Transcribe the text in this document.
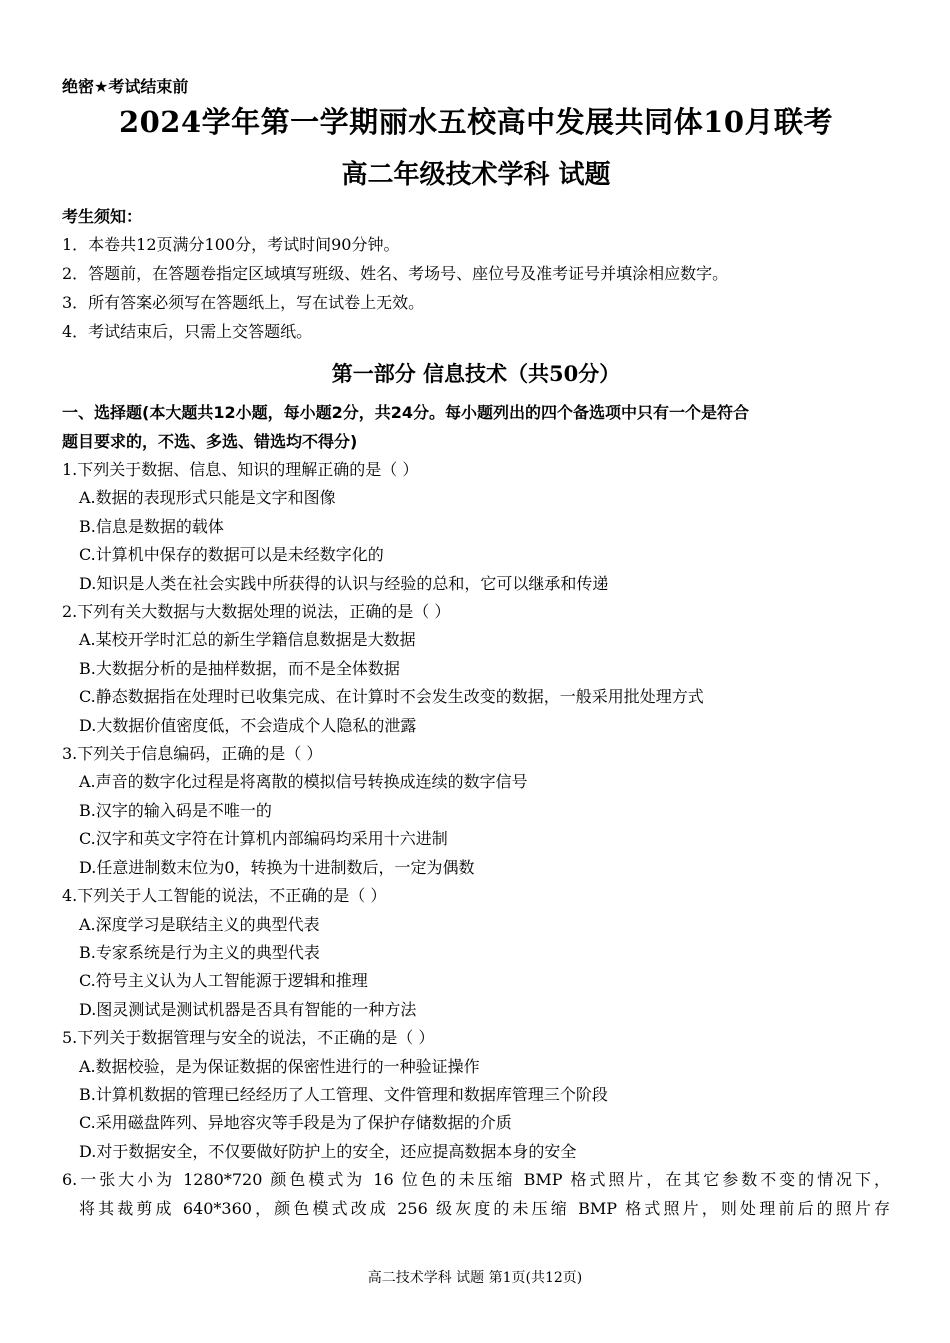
绝密★考试结束前

2024学年第一学期丽水五校高中发展共同体10月联考
高二年级技术学科 试题

考生须知：

1．本卷共12页满分100分，考试时间90分钟。

2．答题前，在答题卷指定区域填写班级、姓名、考场号、座位号及准考证号并填涂相应数字。

3．所有答案必须写在答题纸上，写在试卷上无效。

4．考试结束后，只需上交答题纸。

第一部分 信息技术（共50分）

一、选择题(本大题共12小题，每小题2分，共24分。每小题列出的四个备选项中只有一个是符合

题目要求的，不选、多选、错选均不得分)

1.下列关于数据、信息、知识的理解正确的是（ ）

A.数据的表现形式只能是文字和图像

B.信息是数据的载体

C.计算机中保存的数据可以是未经数字化的

D.知识是人类在社会实践中所获得的认识与经验的总和，它可以继承和传递

2.下列有关大数据与大数据处理的说法，正确的是（ ）

A.某校开学时汇总的新生学籍信息数据是大数据

B.大数据分析的是抽样数据，而不是全体数据

C.静态数据指在处理时已收集完成、在计算时不会发生改变的数据，一般采用批处理方式

D.大数据价值密度低，不会造成个人隐私的泄露

3.下列关于信息编码，正确的是（ ）

A.声音的数字化过程是将离散的模拟信号转换成连续的数字信号

B.汉字的输入码是不唯一的

C.汉字和英文字符在计算机内部编码均采用十六进制

D.任意进制数末位为0，转换为十进制数后，一定为偶数

4.下列关于人工智能的说法，不正确的是（ ）

A.深度学习是联结主义的典型代表

B.专家系统是行为主义的典型代表

C.符号主义认为人工智能源于逻辑和推理

D.图灵测试是测试机器是否具有智能的一种方法

5.下列关于数据管理与安全的说法，不正确的是（ ）

A.数据校验，是为保证数据的保密性进行的一种验证操作

B.计算机数据的管理已经经历了人工管理、文件管理和数据库管理三个阶段

C.采用磁盘阵列、异地容灾等手段是为了保护存储数据的介质

D.对于数据安全，不仅要做好防护上的安全，还应提高数据本身的安全

6.一张大小为 1280*720 颜色模式为 16 位色的未压缩 BMP 格式照片，在其它参数不变的情况下，

将其裁剪成 640*360，颜色模式改成 256 级灰度的未压缩 BMP 格式照片，则处理前后的照片存

高二技术学科 试题 第1页(共12页)
